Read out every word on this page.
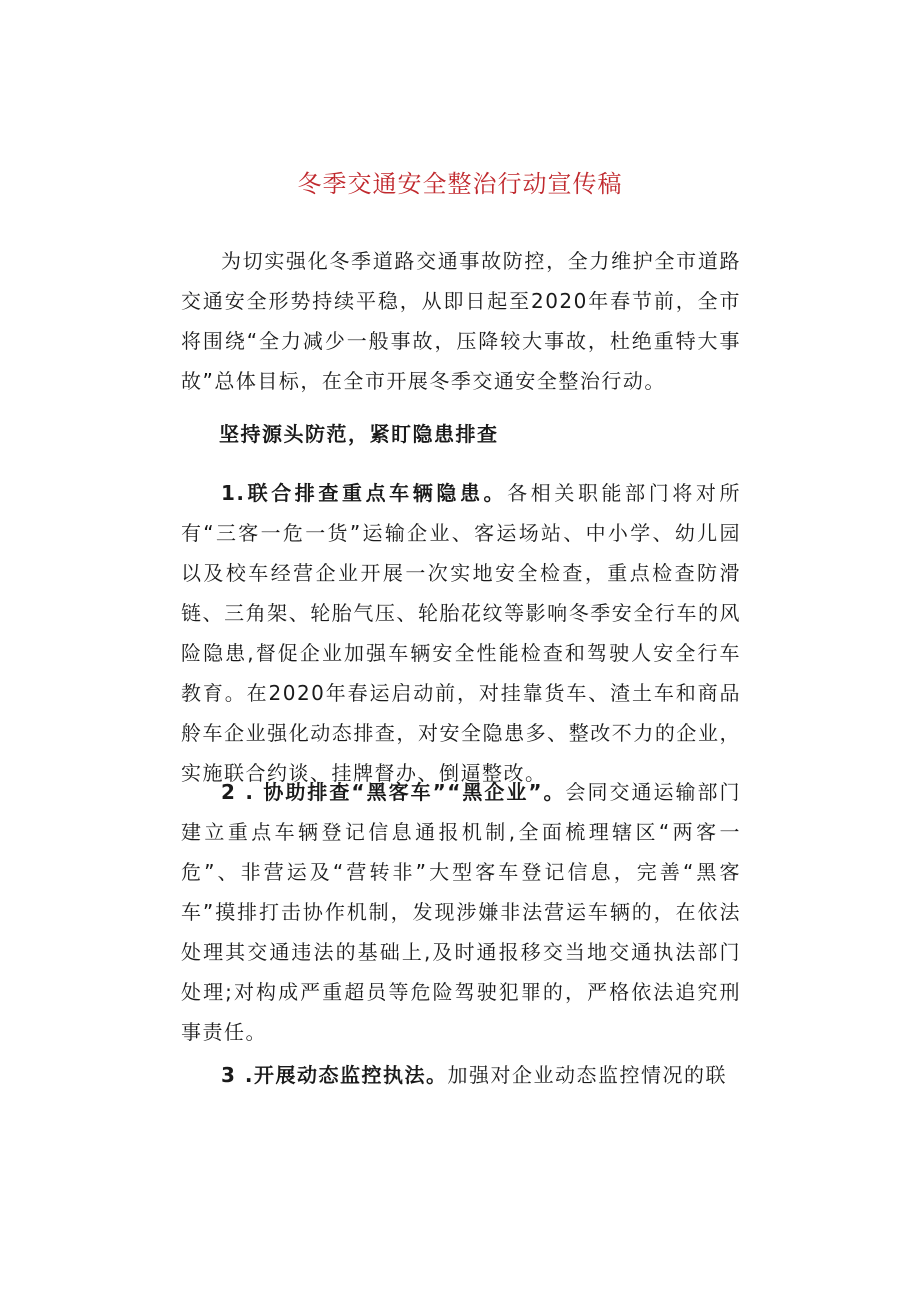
冬季交通安全整治行动宣传稿

为切实强化冬季道路交通事故防控，全力维护全市道路交通安全形势持续平稳，从即日起至2020年春节前，全市将围绕“全力减少一般事故，压降较大事故，杜绝重特大事故”总体目标，在全市开展冬季交通安全整治行动。

坚持源头防范，紧盯隐患排查

1.联合排查重点车辆隐患。各相关职能部门将对所有“三客一危一货”运输企业、客运场站、中小学、幼儿园以及校车经营企业开展一次实地安全检查，重点检查防滑链、三角架、轮胎气压、轮胎花纹等影响冬季安全行车的风险隐患,督促企业加强车辆安全性能检查和驾驶人安全行车教育。在2020年春运启动前，对挂靠货车、渣土车和商品舲车企业强化动态排查，对安全隐患多、整改不力的企业，实施联合约谈、挂牌督办、倒逼整改。

2 . 协助排查“黑客车”“黑企业”。会同交通运输部门建立重点车辆登记信息通报机制,全面梳理辖区“两客一危”、非营运及“营转非”大型客车登记信息，完善“黑客车”摸排打击协作机制，发现涉嫌非法营运车辆的，在依法处理其交通违法的基础上,及时通报移交当地交通执法部门处理;对构成严重超员等危险驾驶犯罪的，严格依法追究刑事责任。

3 .开展动态监控执法。加强对企业动态监控情况的联
